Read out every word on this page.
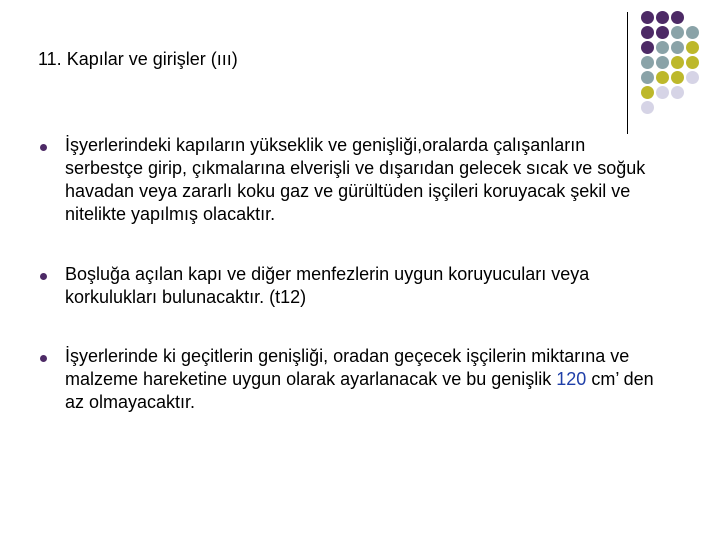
11. Kapılar ve girişler (ııı)
İşyerlerindeki kapıların yükseklik ve genişliği,oralarda çalışanların serbestçe girip, çıkmalarına elverişli ve dışarıdan gelecek sıcak ve soğuk havadan veya zararlı koku gaz ve gürültüden işçileri koruyacak şekil ve nitelikte yapılmış olacaktır.
Boşluğa açılan kapı ve diğer menfezlerin uygun koruyucuları veya korkulukları bulunacaktır. (t12)
İşyerlerinde ki geçitlerin genişliği, oradan geçecek işçilerin miktarına ve malzeme hareketine uygun olarak ayarlanacak ve bu genişlik 120 cm’ den az olmayacaktır.
